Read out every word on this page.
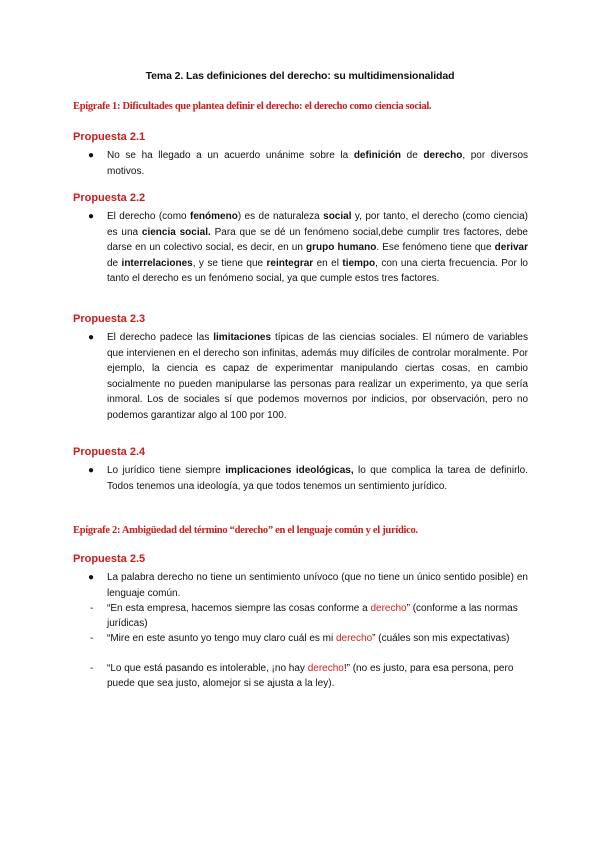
Tema 2. Las definiciones del derecho: su multidimensionalidad
Epígrafe 1: Dificultades que plantea definir el derecho: el derecho como ciencia social.
Propuesta 2.1
●	No se ha llegado a un acuerdo unánime sobre la definición de derecho, por diversos motivos.
Propuesta 2.2
●	El derecho (como fenómeno) es de naturaleza social y, por tanto, el derecho (como ciencia) es una ciencia social. Para que se dé un fenómeno social,debe cumplir tres factores, debe darse en un colectivo social, es decir, en un grupo humano. Ese fenómeno tiene que derivar de interrelaciones, y se tiene que reintegrar en el tiempo, con una cierta frecuencia. Por lo tanto el derecho es un fenómeno social, ya que cumple estos tres factores.
Propuesta 2.3
●	El derecho padece las limitaciones típicas de las ciencias sociales. El número de variables que intervienen en el derecho son infinitas, además muy difíciles de controlar moralmente. Por ejemplo, la ciencia es capaz de experimentar manipulando ciertas cosas, en cambio socialmente no pueden manipularse las personas para realizar un experimento, ya que sería inmoral. Los de sociales sí que podemos movernos por indicios, por observación, pero no podemos garantizar algo al 100 por 100.
Propuesta 2.4
●	Lo jurídico tiene siempre implicaciones ideológicas, lo que complica la tarea de definirlo. Todos tenemos una ideología, ya que todos tenemos un sentimiento jurídico.
Epígrafe 2: Ambigüedad del término “derecho” en el lenguaje común y el jurídico.
Propuesta 2.5
●	La palabra derecho no tiene un sentimiento unívoco (que no tiene un único sentido posible) en lenguaje común.
- “En esta empresa, hacemos siempre las cosas conforme a derecho” (conforme a las normas jurídicas)
- “Mire en este asunto yo tengo muy claro cuál es mi derecho” (cuáles son mis expectativas)
- “Lo que está pasando es intolerable, ¡no hay derecho!” (no es justo, para esa persona, pero puede que sea justo, alomejor si se ajusta a la ley).
